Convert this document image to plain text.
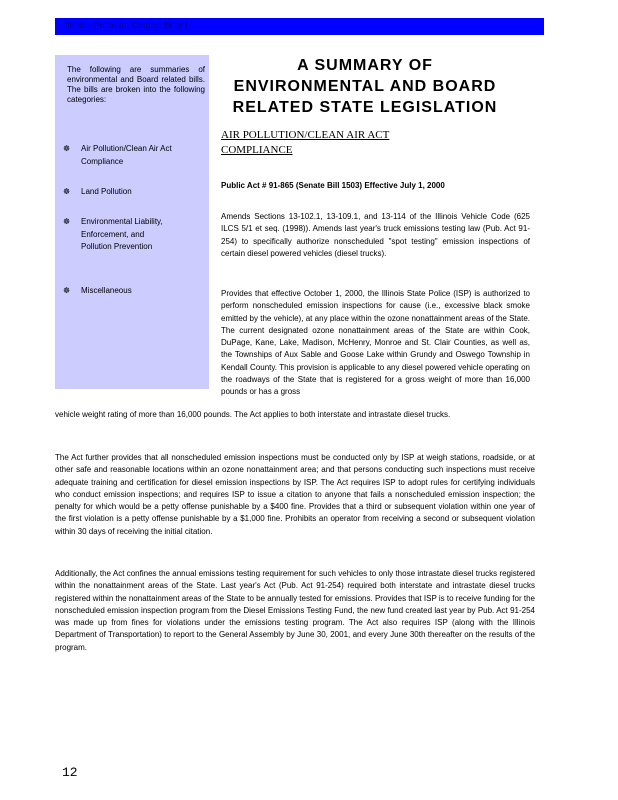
Illinois Pollution Control Board
The following are summaries of environmental and Board related bills. The bills are broken into the following categories:
☸	Air Pollution/Clean Air Act Compliance
☸	Land Pollution
☸	Environmental Liability, Enforcement, and Pollution Prevention
☸	Miscellaneous
A SUMMARY OF
ENVIRONMENTAL AND BOARD
RELATED STATE LEGISLATION
AIR POLLUTION/CLEAN AIR ACT COMPLIANCE
Public Act # 91-865 (Senate Bill 1503) Effective July 1, 2000
Amends Sections 13-102.1, 13-109.1, and 13-114 of the Illinois Vehicle Code (625 ILCS 5/1 et seq. (1998)). Amends last year's truck emissions testing law (Pub. Act 91-254) to specifically authorize nonscheduled "spot testing" emission inspections of certain diesel powered vehicles (diesel trucks).
Provides that effective October 1, 2000, the Illinois State Police (ISP) is authorized to perform nonscheduled emission inspections for cause (i.e., excessive black smoke emitted by the vehicle), at any place within the ozone nonattainment areas of the State. The current designated ozone nonattainment areas of the State are within Cook, DuPage, Kane, Lake, Madison, McHenry, Monroe and St. Clair Counties, as well as, the Townships of Aux Sable and Goose Lake within Grundy and Oswego Township in Kendall County. This provision is applicable to any diesel powered vehicle operating on the roadways of the State that is registered for a gross weight of more than 16,000 pounds or has a gross
vehicle weight rating of more than 16,000 pounds. The Act applies to both interstate and intrastate diesel trucks.
The Act further provides that all nonscheduled emission inspections must be conducted only by ISP at weigh stations, roadside, or at other safe and reasonable locations within an ozone nonattainment area; and that persons conducting such inspections must receive adequate training and certification for diesel emission inspections by ISP. The Act requires ISP to adopt rules for certifying individuals who conduct emission inspections; and requires ISP to issue a citation to anyone that fails a nonscheduled emission inspection; the penalty for which would be a petty offense punishable by a $400 fine. Provides that a third or subsequent violation within one year of the first violation is a petty offense punishable by a $1,000 fine. Prohibits an operator from receiving a second or subsequent violation within 30 days of receiving the initial citation.
Additionally, the Act confines the annual emissions testing requirement for such vehicles to only those intrastate diesel trucks registered within the nonattainment areas of the State. Last year's Act (Pub. Act 91-254) required both interstate and intrastate diesel trucks registered within the nonattainment areas of the State to be annually tested for emissions. Provides that ISP is to receive funding for the nonscheduled emission inspection program from the Diesel Emissions Testing Fund, the new fund created last year by Pub. Act 91-254 was made up from fines for violations under the emissions testing program. The Act also requires ISP (along with the Illinois Department of Transportation) to report to the General Assembly by June 30, 2001, and every June 30th thereafter on the results of the program.
12
